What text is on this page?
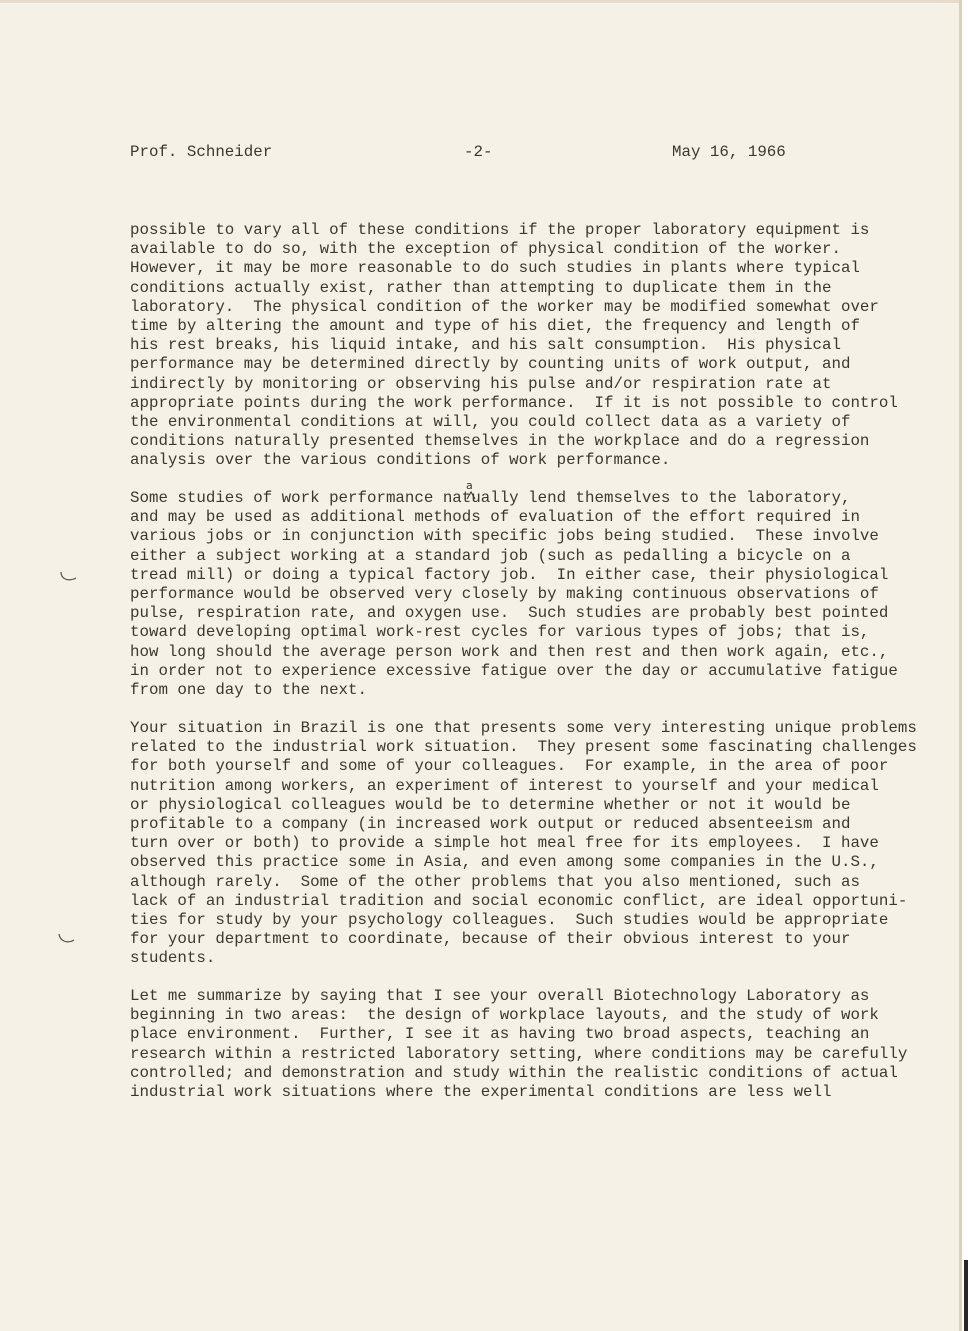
Prof. Schneider	-2-	May 16, 1966
possible to vary all of these conditions if the proper laboratory equipment is
available to do so, with the exception of physical condition of the worker.
However, it may be more reasonable to do such studies in plants where typical
conditions actually exist, rather than attempting to duplicate them in the
laboratory.  The physical condition of the worker may be modified somewhat over
time by altering the amount and type of his diet, the frequency and length of
his rest breaks, his liquid intake, and his salt consumption.  His physical
performance may be determined directly by counting units of work output, and
indirectly by monitoring or observing his pulse and/or respiration rate at
appropriate points during the work performance.  If it is not possible to control
the environmental conditions at will, you could collect data as a variety of
conditions naturally presented themselves in the workplace and do a regression
analysis over the various conditions of work performance.
Some studies of work performance natually lend themselves to the laboratory,
and may be used as additional methods of evaluation of the effort required in
various jobs or in conjunction with specific jobs being studied.  These involve
either a subject working at a standard job (such as pedalling a bicycle on a
tread mill) or doing a typical factory job.  In either case, their physiological
performance would be observed very closely by making continuous observations of
pulse, respiration rate, and oxygen use.  Such studies are probably best pointed
toward developing optimal work-rest cycles for various types of jobs; that is,
how long should the average person work and then rest and then work again, etc.,
in order not to experience excessive fatigue over the day or accumulative fatigue
from one day to the next.
Your situation in Brazil is one that presents some very interesting unique problems
related to the industrial work situation.  They present some fascinating challenges
for both yourself and some of your colleagues.  For example, in the area of poor
nutrition among workers, an experiment of interest to yourself and your medical
or physiological colleagues would be to determine whether or not it would be
profitable to a company (in increased work output or reduced absenteeism and
turn over or both) to provide a simple hot meal free for its employees.  I have
observed this practice some in Asia, and even among some companies in the U.S.,
although rarely.  Some of the other problems that you also mentioned, such as
lack of an industrial tradition and social economic conflict, are ideal opportuni-
ties for study by your psychology colleagues.  Such studies would be appropriate
for your department to coordinate, because of their obvious interest to your
students.
Let me summarize by saying that I see your overall Biotechnology Laboratory as
beginning in two areas:  the design of workplace layouts, and the study of work
place environment.  Further, I see it as having two broad aspects, teaching an
research within a restricted laboratory setting, where conditions may be carefully
controlled; and demonstration and study within the realistic conditions of actual
industrial work situations where the experimental conditions are less well
a
